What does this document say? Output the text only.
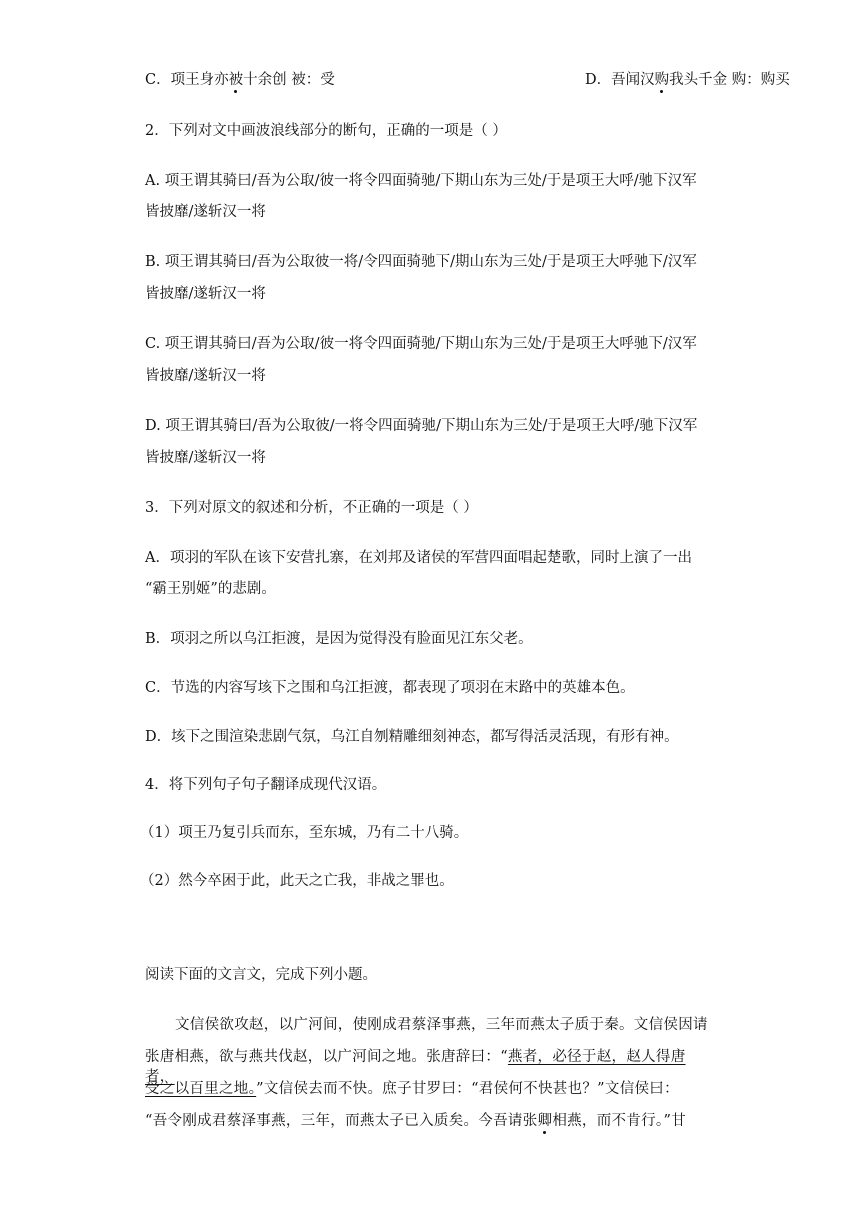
C．项王身亦被十余创 被：受	D．吾闻汉购我头千金 购：购买
2．下列对文中画波浪线部分的断句，正确的一项是（ ）
A. 项王谓其骑曰/吾为公取/彼一将令四面骑驰/下期山东为三处/于是项王大呼/驰下汉军
皆披靡/遂斩汉一将
B. 项王谓其骑曰/吾为公取彼一将/令四面骑驰下/期山东为三处/于是项王大呼驰下/汉军
皆披靡/遂斩汉一将
C. 项王谓其骑曰/吾为公取/彼一将令四面骑驰/下期山东为三处/于是项王大呼驰下/汉军
皆披靡/遂斩汉一将
D. 项王谓其骑曰/吾为公取彼/一将令四面骑驰/下期山东为三处/于是项王大呼/驰下汉军
皆披靡/遂斩汉一将
3．下列对原文的叙述和分析，不正确的一项是（ ）
A．项羽的军队在该下安营扎寨，在刘邦及诸侯的军营四面唱起楚歌，同时上演了一出
“霸王别姬”的悲剧。
B．项羽之所以乌江拒渡，是因为觉得没有脸面见江东父老。
C．节选的内容写垓下之围和乌江拒渡，都表现了项羽在末路中的英雄本色。
D．垓下之围渲染悲剧气氛，乌江自刎精雕细刻神态，都写得活灵活现，有形有神。
4．将下列句子句子翻译成现代汉语。
（1）项王乃复引兵而东，至东城，乃有二十八骑。
（2）然今卒困于此，此天之亡我，非战之罪也。
阅读下面的文言文，完成下列小题。
文信侯欲攻赵，以广河间，使刚成君蔡泽事燕，三年而燕太子质于秦。文信侯因请
张唐相燕，欲与燕共伐赵，以广河间之地。张唐辞曰：“燕者，必径于赵，赵人得唐者，
受之以百里之地。”文信侯去而不快。庶子甘罗曰：“君侯何不快甚也？”文信侯曰：
“吾令刚成君蔡泽事燕，三年，而燕太子已入质矣。今吾请张卿相燕，而不肯行。”甘
